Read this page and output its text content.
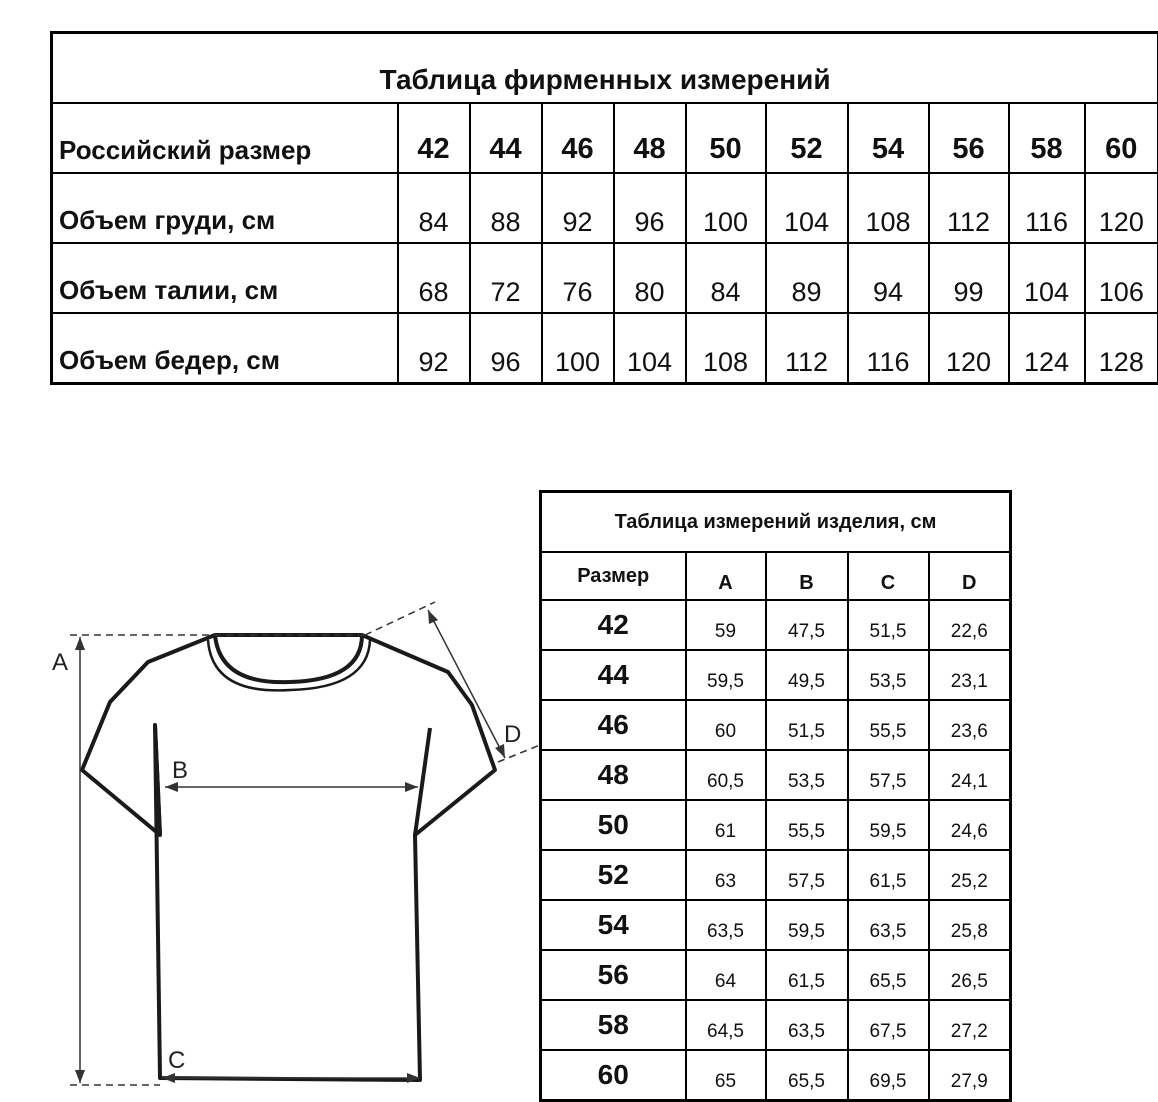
Таблица фирменных измерений										
Российский размер	42	44	46	48	50	52	54	56	58	60
Объем груди, см	84	88	92	96	100	104	108	112	116	120
Объем талии, см	68	72	76	80	84	89	94	99	104	106
Объем бедер, см	92	96	100	104	108	112	116	120	124	128
A
B
C
D
Таблица измерений изделия, см				
Размер	A	B	C	D
42	59	47,5	51,5	22,6
44	59,5	49,5	53,5	23,1
46	60	51,5	55,5	23,6
48	60,5	53,5	57,5	24,1
50	61	55,5	59,5	24,6
52	63	57,5	61,5	25,2
54	63,5	59,5	63,5	25,8
56	64	61,5	65,5	26,5
58	64,5	63,5	67,5	27,2
60	65	65,5	69,5	27,9
